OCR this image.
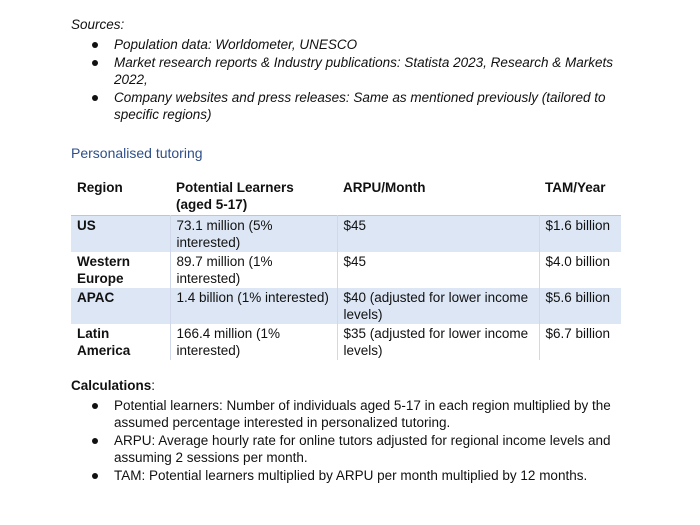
Sources:
Population data: Worldometer, UNESCO
Market research reports & Industry publications: Statista 2023, Research & Markets 2022,
Company websites and press releases: Same as mentioned previously (tailored to specific regions)
Personalised tutoring
Region	Potential Learners (aged 5-17)	ARPU/Month	TAM/Year
US	73.1 million (5% interested)	$45	$1.6 billion
Western Europe	89.7 million (1% interested)	$45	$4.0 billion
APAC	1.4 billion (1% interested)	$40 (adjusted for lower income levels)	$5.6 billion
Latin America	166.4 million (1% interested)	$35 (adjusted for lower income levels)	$6.7 billion
Calculations:
Potential learners: Number of individuals aged 5-17 in each region multiplied by the assumed percentage interested in personalized tutoring.
ARPU: Average hourly rate for online tutors adjusted for regional income levels and assuming 2 sessions per month.
TAM: Potential learners multiplied by ARPU per month multiplied by 12 months.
